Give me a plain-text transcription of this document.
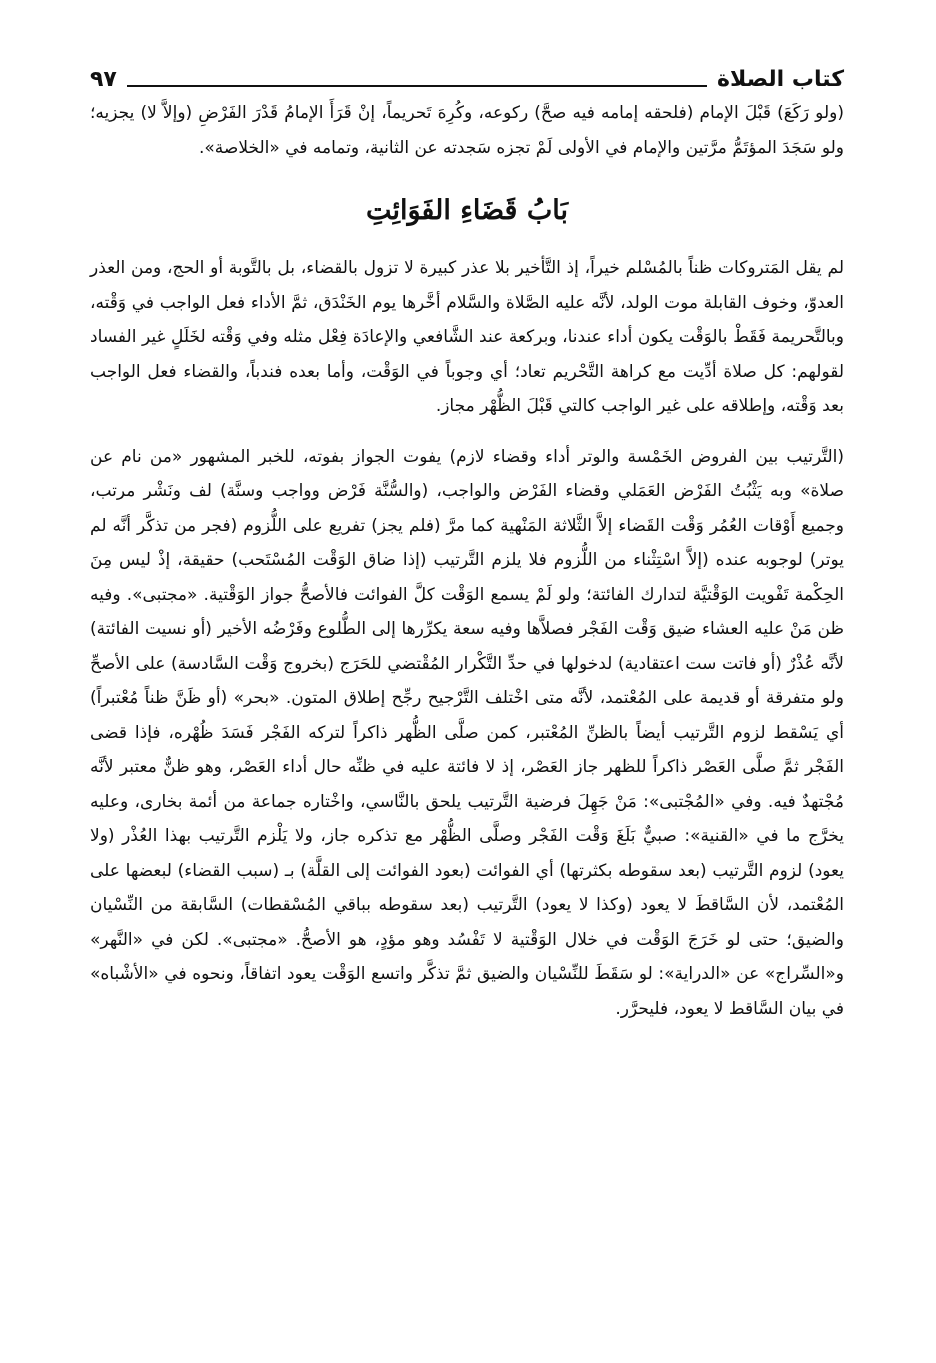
كتاب الصلاة
٩٧

(ولو رَكَعَ) قَبْلَ الإمام (فلحقه إمامه فيه صحَّ) ركوعه، وكُرِهَ تَحريماً، إنْ قَرَأَ الإمامُ قَدْرَ الفَرْضِ (وإلاَّ لا) يجزيه؛ ولو سَجَدَ المؤتَمُّ مرَّتين والإمام في الأولى لَمْ تجزه سَجدته عن الثانية، وتمامه في «الخلاصة».

بَابُ قَضَاءِ الفَوَائِتِ

لم يقل المَتروكات ظناً بالمُسْلم خيراً، إذ التَّأخير بلا عذر كبيرة لا تزول بالقضاء، بل بالتَّوبة أو الحج، ومن العذر العدوّ، وخوف القابلة موت الولد، لأنَّه عليه الصَّلاة والسَّلام أخَّرها يوم الخَنْدَق، ثمَّ الأداء فعل الواجب في وَقْته، وبالتَّحريمة فَقَطْ بالوَقْت يكون أداء عندنا، وبركعة عند الشَّافعي والإعادَة فِعْل مثله وفي وَقْته لخَلَلٍ غير الفساد لقولهم: كل صلاة أدِّيت مع كراهة التَّحْريم تعاد؛ أي وجوباً في الوَقْت، وأما بعده فندباً، والقضاء فعل الواجب بعد وَقْته، وإطلاقه على غير الواجب كالتي قَبْلَ الظُّهْر مجاز.

(التَّرتيب بين الفروض الخَمْسة والوتر أداء وقضاء لازم) يفوت الجواز بفوته، للخبر المشهور «من نام عن صلاة» وبه يَثْبُتُ الفَرْض العَمَلي وقضاء الفَرْض والواجب، (والسُّنَّة فَرْض وواجب وسنَّة) لف ونَشْر مرتب، وجميع أَوْقات العُمُر وَقْت القَضاء إلاَّ الثَّلاثة المَنْهية كما مرَّ (فلم يجز) تفريع على اللُّزوم (فجر من تذكَّر أنَّه لم يوتر) لوجوبه عنده (إلاَّ اسْتِثْناء من اللُّزوم فلا يلزم التَّرتيب (إذا ضاق الوَقْت المُسْتَحب) حقيقة، إذْ ليس مِنَ الحِكْمة تَفْويت الوَقْتيَّة لتدارك الفائتة؛ ولو لَمْ يسمع الوَقْت كلَّ الفوائت فالأصحُّ جواز الوَقْتية. «مجتبى». وفيه ظن مَنْ عليه العشاء ضيق وَقْت الفَجْر فصلاَّها وفيه سعة يكرِّرها إلى الطُّلوع وفَرْضُه الأخير (أو نسيت الفائتة) لأنَّه عُذْرٌ (أو فاتت ست اعتقادية) لدخولها في حدِّ التَّكْرار المُقْتضي للحَرَج (بخروج وَقْت السَّادسة) على الأصحِّ ولو متفرقة أو قديمة على المُعْتمد، لأنَّه متى اخْتلف التَّرْجيح رجِّح إطلاق المتون. «بحر» (أو ظَنَّ ظناً مُعْتبراً) أي يَسْقط لزوم التَّرتيب أيضاً بالظنِّ المُعْتبر، كمن صلَّى الظُّهر ذاكراً لتركه الفَجْر فَسَدَ ظُهْره، فإذا قضى الفَجْر ثمَّ صلَّى العَصْر ذاكراً للظهر جاز العَصْر، إذ لا فائتة عليه في ظنِّه حال أداء العَصْر، وهو ظنٌّ معتبر لأنَّه مُجْتهدٌ فيه. وفي «المُجْتبى»: مَنْ جَهِلَ فرضية التَّرتيب يلحق بالنَّاسي، واخْتاره جماعة من أئمة بخارى، وعليه يخرَّج ما في «القنية»: صبيٌّ بَلَغَ وَقْت الفَجْر وصلَّى الظُّهْر مع تذكره جاز، ولا يَلْزم التَّرتيب بهذا العُذْر (ولا يعود) لزوم التَّرتيب (بعد سقوطه بكثرتها) أي الفوائت (بعود الفوائت إلى القلَّة) بـ (سبب القضاء) لبعضها على المُعْتمد، لأن السَّاقطَ لا يعود (وكذا لا يعود) التَّرتيب (بعد سقوطه بباقي المُسْقطات) السَّابقة من النِّسْيان والضيق؛ حتى لو خَرَجَ الوَقْت في خلال الوَقْتية لا تَفْسُد وهو مؤدٍ، هو الأصحُّ. «مجتبى». لكن في «النَّهر» و«السِّراج» عن «الدراية»: لو سَقَطَ للنِّسْيان والضيق ثمَّ تذكَّر واتسع الوَقْت يعود اتفاقاً، ونحوه في «الأشْباه» في بيان السَّاقط لا يعود، فليحرَّر.
